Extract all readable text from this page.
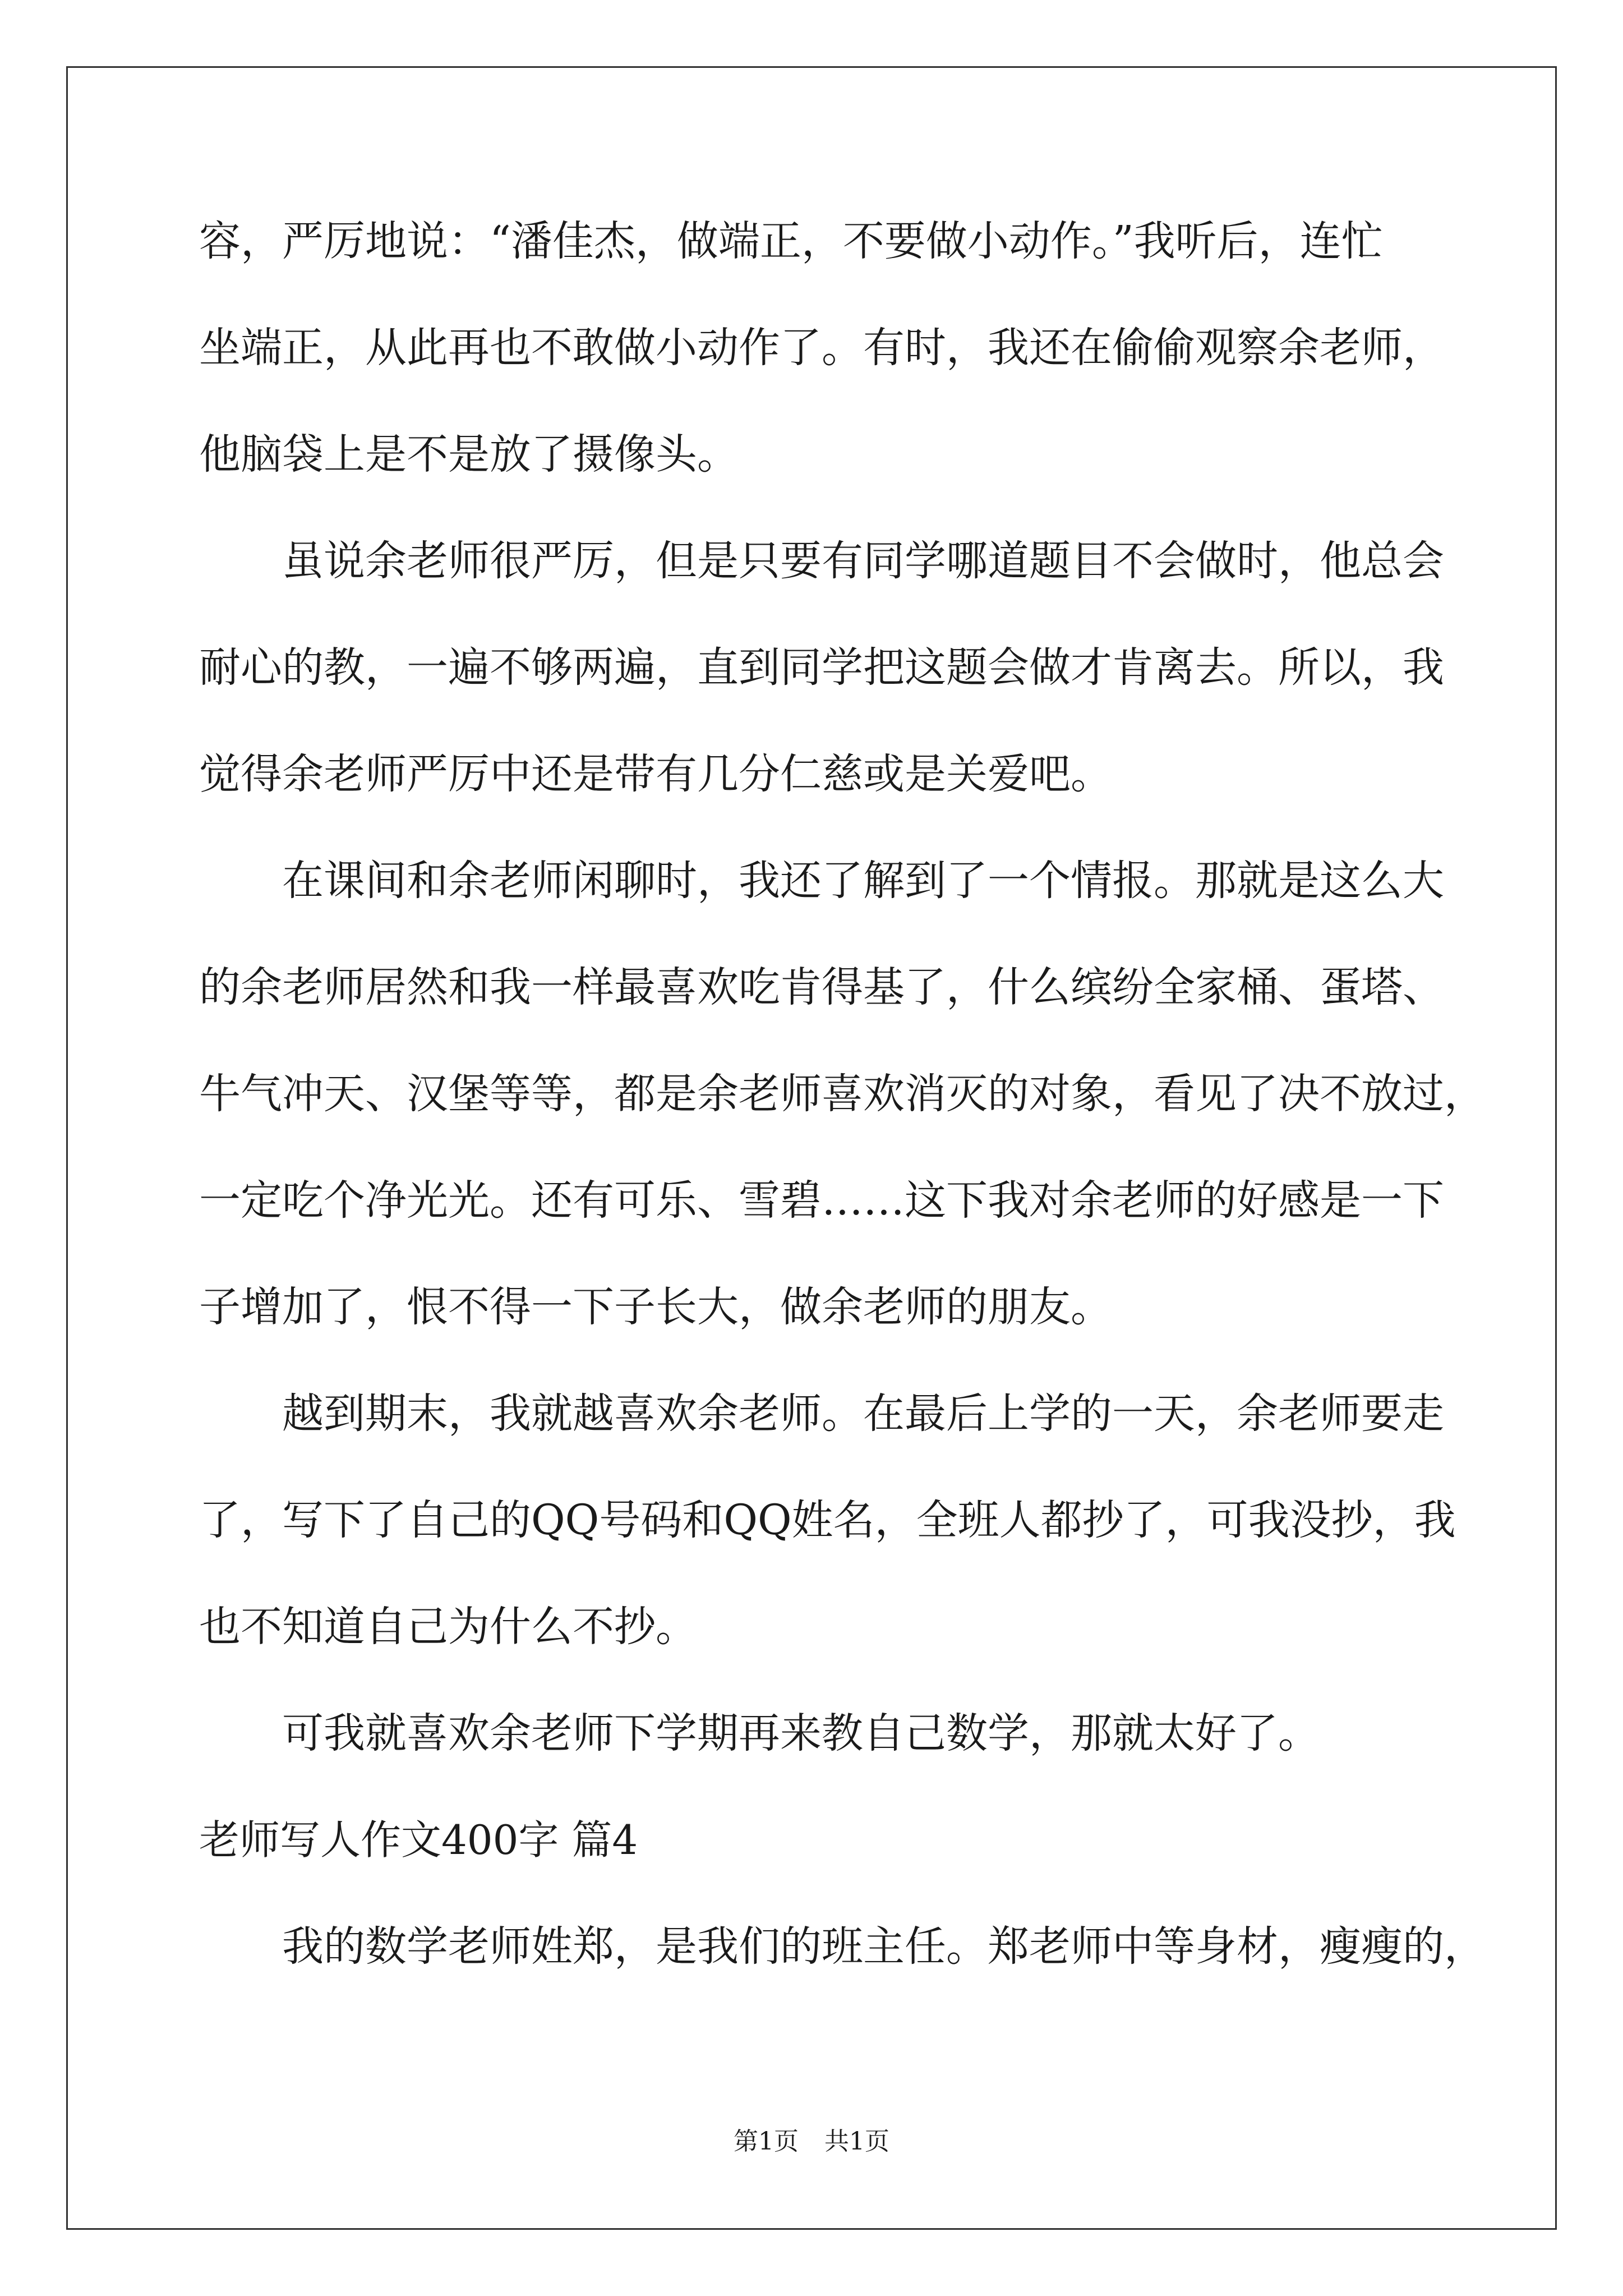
容，严厉地说：“潘佳杰，做端正，不要做小动作。”我听后，连忙
坐端正，从此再也不敢做小动作了。有时，我还在偷偷观察余老师，
他脑袋上是不是放了摄像头。
虽说余老师很严厉，但是只要有同学哪道题目不会做时，他总会
耐心的教，一遍不够两遍，直到同学把这题会做才肯离去。所以，我
觉得余老师严厉中还是带有几分仁慈或是关爱吧。
在课间和余老师闲聊时，我还了解到了一个情报。那就是这么大
的余老师居然和我一样最喜欢吃肯得基了，什么缤纷全家桶、蛋塔、
牛气冲天、汉堡等等，都是余老师喜欢消灭的对象，看见了决不放过，
一定吃个净光光。还有可乐、雪碧……这下我对余老师的好感是一下
子增加了，恨不得一下子长大，做余老师的朋友。
越到期末，我就越喜欢余老师。在最后上学的一天，余老师要走
了，写下了自己的QQ号码和QQ姓名，全班人都抄了，可我没抄，我
也不知道自己为什么不抄。
可我就喜欢余老师下学期再来教自己数学，那就太好了。
老师写人作文400字 篇4
我的数学老师姓郑，是我们的班主任。郑老师中等身材，瘦瘦的，
第1页 共1页
